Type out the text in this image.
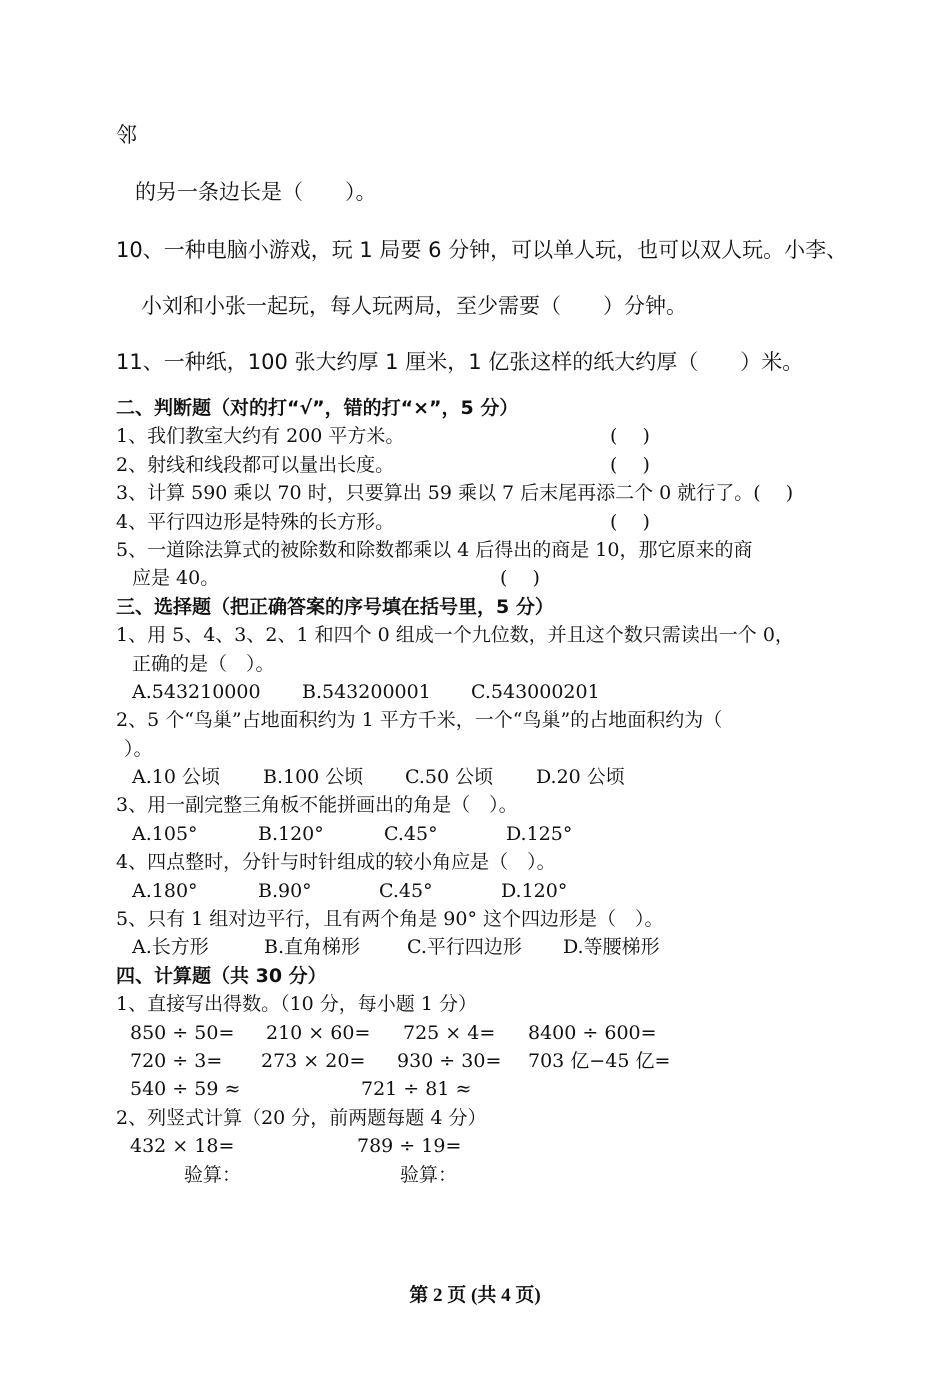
邻
的另一条边长是（　　）。
10、一种电脑小游戏，玩 1 局要 6 分钟，可以单人玩，也可以双人玩。小李、
小刘和小张一起玩，每人玩两局，至少需要（　　）分钟。
11、一种纸，100 张大约厚 1 厘米，1 亿张这样的纸大约厚（　　）米。
二、判断题（对的打“√”，错的打“×”，5 分）
1、我们教室大约有 200 平方米。	(　 )
2、射线和线段都可以量出长度。	(　 )
3、计算 590 乘以 70 时，只要算出 59 乘以 7 后末尾再添二个 0 就行了。(　 )
4、平行四边形是特殊的长方形。	(　 )
5、一道除法算式的被除数和除数都乘以 4 后得出的商是 10，那它原来的商
应是 40。	(　 )
三、选择题（把正确答案的序号填在括号里，5 分）
1、用 5、4、3、2、1 和四个 0 组成一个九位数，并且这个数只需读出一个 0，
正确的是（　）。
A.543210000 B.543200001 C.543000201
2、5 个“鸟巢”占地面积约为 1 平方千米，一个“鸟巢”的占地面积约为（
）。
A.10 公顷 B.100 公顷 C.50 公顷 D.20 公顷
3、用一副完整三角板不能拼画出的角是（　）。
A.105°	B.120°	C.45°	D.125°
4、四点整时，分针与时针组成的较小角应是（　）。
A.180°	B.90°	C.45°	D.120°
5、只有 1 组对边平行，且有两个角是 90° 这个四边形是（　）。
A.长方形	B.直角梯形 C.平行四边形 D.等腰梯形
四、计算题（共 30 分）
1、直接写出得数。（10 分，每小题 1 分）
850 ÷ 50= 210 × 60= 725 × 4= 8400 ÷ 600=
720 ÷ 3= 273 × 20= 930 ÷ 30= 703 亿−45 亿=
540 ÷ 59 ≈	721 ÷ 81 ≈
2、列竖式计算（20 分，前两题每题 4 分）
432 × 18=	789 ÷ 19=
验算：	验算：
第 2 页 (共 4 页)
